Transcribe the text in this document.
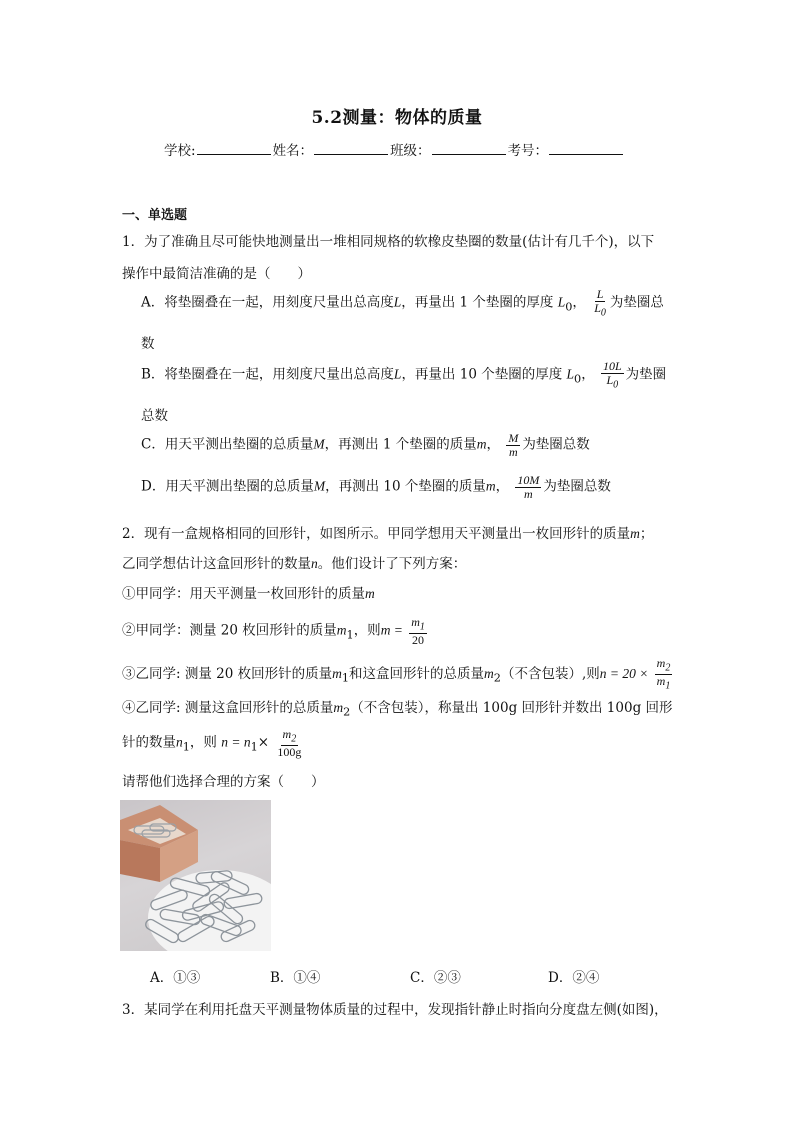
5.2测量：物体的质量
学校:	姓名：	班级：	考号：
一、单选题
1．为了准确且尽可能快地测量出一堆相同规格的软橡皮垫圈的数量(估计有几千个)，以下
操作中最简洁准确的是（　　）
A．将垫圈叠在一起，用刻度尺量出总高度L，再量出 1 个垫圈的厚度 $L_0$， $\frac{L}{L_0}$ 为垫圈总
数
B．将垫圈叠在一起，用刻度尺量出总高度L，再量出 10 个垫圈的厚度 $L_0$， $\frac{10L}{L_0}$ 为垫圈
总数
C．用天平测出垫圈的总质量M，再测出 1 个垫圈的质量m， $\frac{M}{m}$ 为垫圈总数
D．用天平测出垫圈的总质量M，再测出 10 个垫圈的质量m， $\frac{10M}{m}$ 为垫圈总数
2．现有一盒规格相同的回形针，如图所示。甲同学想用天平测量出一枚回形针的质量m；
乙同学想估计这盒回形针的数量n。他们设计了下列方案：
①甲同学：用天平测量一枚回形针的质量m
②甲同学：测量 20 枚回形针的质量$m_1$，则$m = \frac{m_1}{20}$
③乙同学: 测量 20 枚回形针的质量$m_1$和这盒回形针的总质量$m_2$（不含包装）,则$n = 20 \times \frac{m_2}{m_1}$
④乙同学: 测量这盒回形针的总质量$m_2$（不含包装），称量出 100g 回形针并数出 100g 回形
针的数量$n_1$，则 $n = n_1\times \frac{m_2}{100g}$
请帮他们选择合理的方案（　　）
A．①③	B．①④	C．②③	D．②④
3．某同学在利用托盘天平测量物体质量的过程中，发现指针静止时指向分度盘左侧(如图)，
